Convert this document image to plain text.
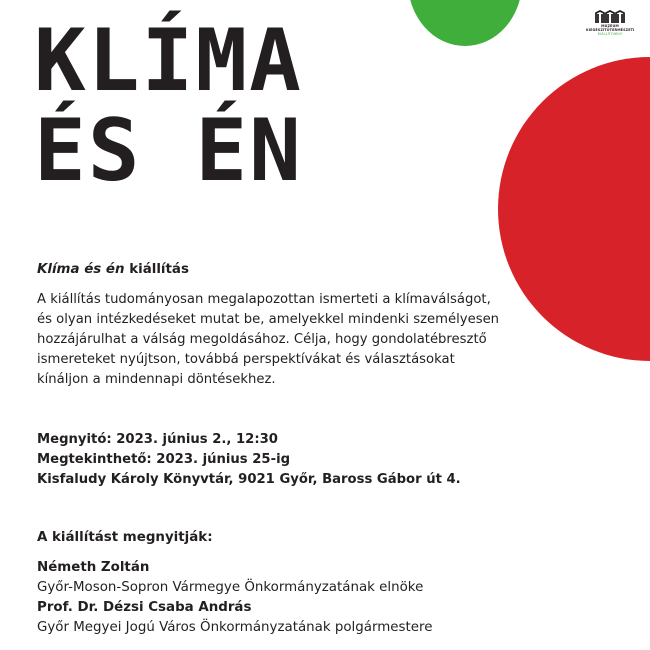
MUZEUM
KIEGÉSZÍTŐTERMÉSZETI
KIÁLLÍTÓHELY
KLÍMA
ÉS ÉN
Klíma és én kiállítás
A kiállítás tudományosan megalapozottan ismerteti a klímaválságot, és olyan intézkedéseket mutat be, amelyekkel mindenki személyesen hozzájárulhat a válság megoldásához. Célja, hogy gondolatébresztő ismereteket nyújtson, továbbá perspektívákat és választásokat kínáljon a mindennapi döntésekhez.
Megnyitó: 2023. június 2., 12:30
Megtekinthető: 2023. június 25-ig
Kisfaludy Károly Könyvtár, 9021 Győr, Baross Gábor út 4.
A kiállítást megnyitják:
Németh Zoltán
Győr-Moson-Sopron Vármegye Önkormányzatának elnöke
Prof. Dr. Dézsi Csaba András
Győr Megyei Jogú Város Önkormányzatának polgármestere
